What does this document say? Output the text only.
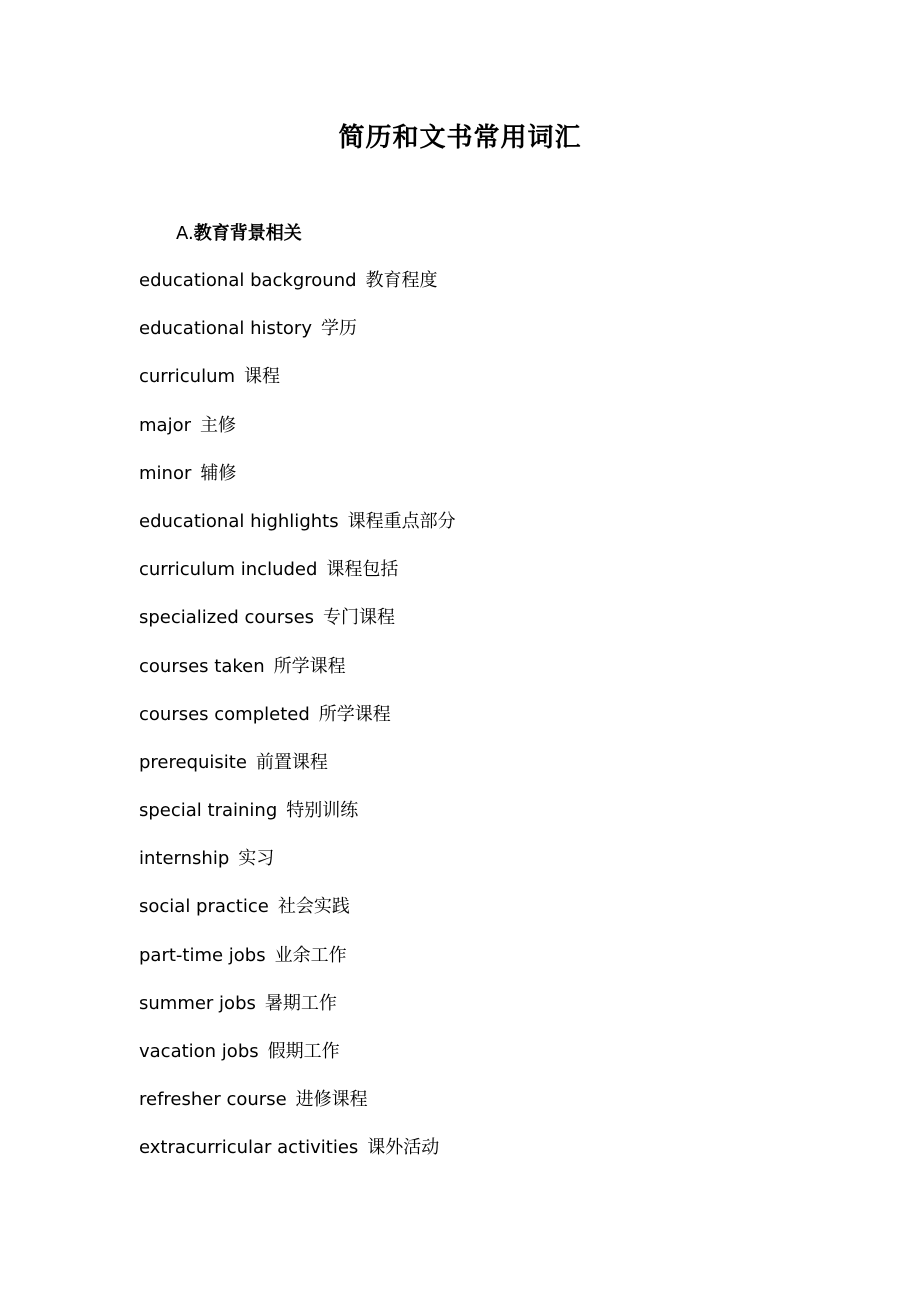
简历和文书常用词汇
A.教育背景相关
educational background 教育程度
educational history 学历
curriculum 课程
major 主修
minor 辅修
educational highlights 课程重点部分
curriculum included 课程包括
specialized courses 专门课程
courses taken 所学课程
courses completed 所学课程
prerequisite 前置课程
special training 特别训练
internship 实习
social practice 社会实践
part-time jobs 业余工作
summer jobs 暑期工作
vacation jobs 假期工作
refresher course 进修课程
extracurricular activities 课外活动
